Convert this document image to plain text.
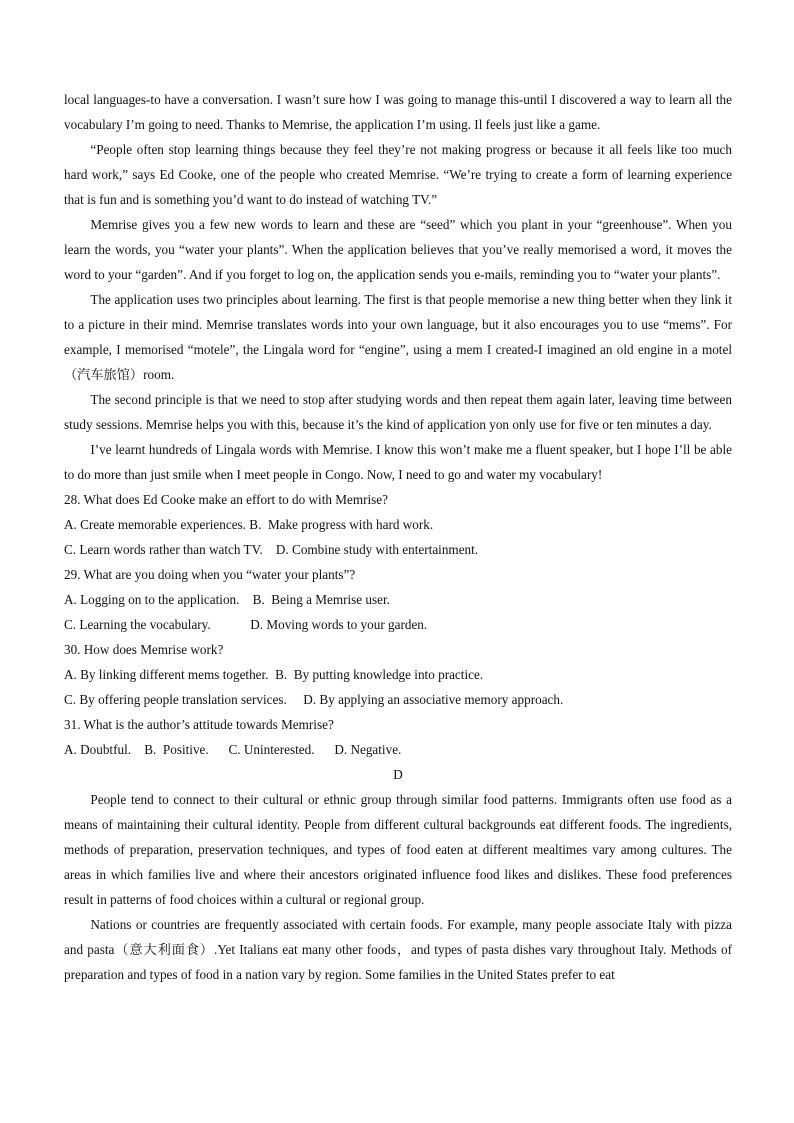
local languages-to have a conversation. I wasn’t sure how I was going to manage this-until I discovered a way to learn all the vocabulary I’m going to need. Thanks to Memrise, the application I’m using. Il feels just like a game.

“People often stop learning things because they feel they’re not making progress or because it all feels like too much hard work,” says Ed Cooke, one of the people who created Memrise. “We’re trying to create a form of learning experience that is fun and is something you’d want to do instead of watching TV.”

Memrise gives you a few new words to learn and these are “seed” which you plant in your “greenhouse”. When you learn the words, you “water your plants”. When the application believes that you’ve really memorised a word, it moves the word to your “garden”. And if you forget to log on, the application sends you e-mails, reminding you to “water your plants”.

The application uses two principles about learning. The first is that people memorise a new thing better when they link it to a picture in their mind. Memrise translates words into your own language, but it also encourages you to use “mems”. For example, I memorised “motele”, the Lingala word for “engine”, using a mem I created-I imagined an old engine in a motel（汽车旅馆）room.

The second principle is that we need to stop after studying words and then repeat them again later, leaving time between study sessions. Memrise helps you with this, because it’s the kind of application yon only use for five or ten minutes a day.

I’ve learnt hundreds of Lingala words with Memrise. I know this won’t make me a fluent speaker, but I hope I’ll be able to do more than just smile when I meet people in Congo. Now, I need to go and water my vocabulary!

28. What does Ed Cooke make an effort to do with Memrise?

A. Create memorable experiences. B.  Make progress with hard work.

C. Learn words rather than watch TV.    D. Combine study with entertainment.

29. What are you doing when you “water your plants”?

A. Logging on to the application.    B.  Being a Memrise user.

C. Learning the vocabulary.            D. Moving words to your garden.

30. How does Memrise work?

A. By linking different mems together.  B.  By putting knowledge into practice.

C. By offering people translation services.     D. By applying an associative memory approach.

31. What is the author’s attitude towards Memrise?

A. Doubtful.    B.  Positive.      C. Uninterested.      D. Negative.

D

People tend to connect to their cultural or ethnic group through similar food patterns. Immigrants often use food as a means of maintaining their cultural identity. People from different cultural backgrounds eat different foods. The ingredients, methods of preparation, preservation techniques, and types of food eaten at different mealtimes vary among cultures. The areas in which families live and where their ancestors originated influence food likes and dislikes. These food preferences result in patterns of food choices within a cultural or regional group.

Nations or countries are frequently associated with certain foods. For example, many people associate Italy with pizza and pasta（意大利面食）.Yet Italians eat many other foods，and types of pasta dishes vary throughout Italy. Methods of preparation and types of food in a nation vary by region. Some families in the United States prefer to eat
